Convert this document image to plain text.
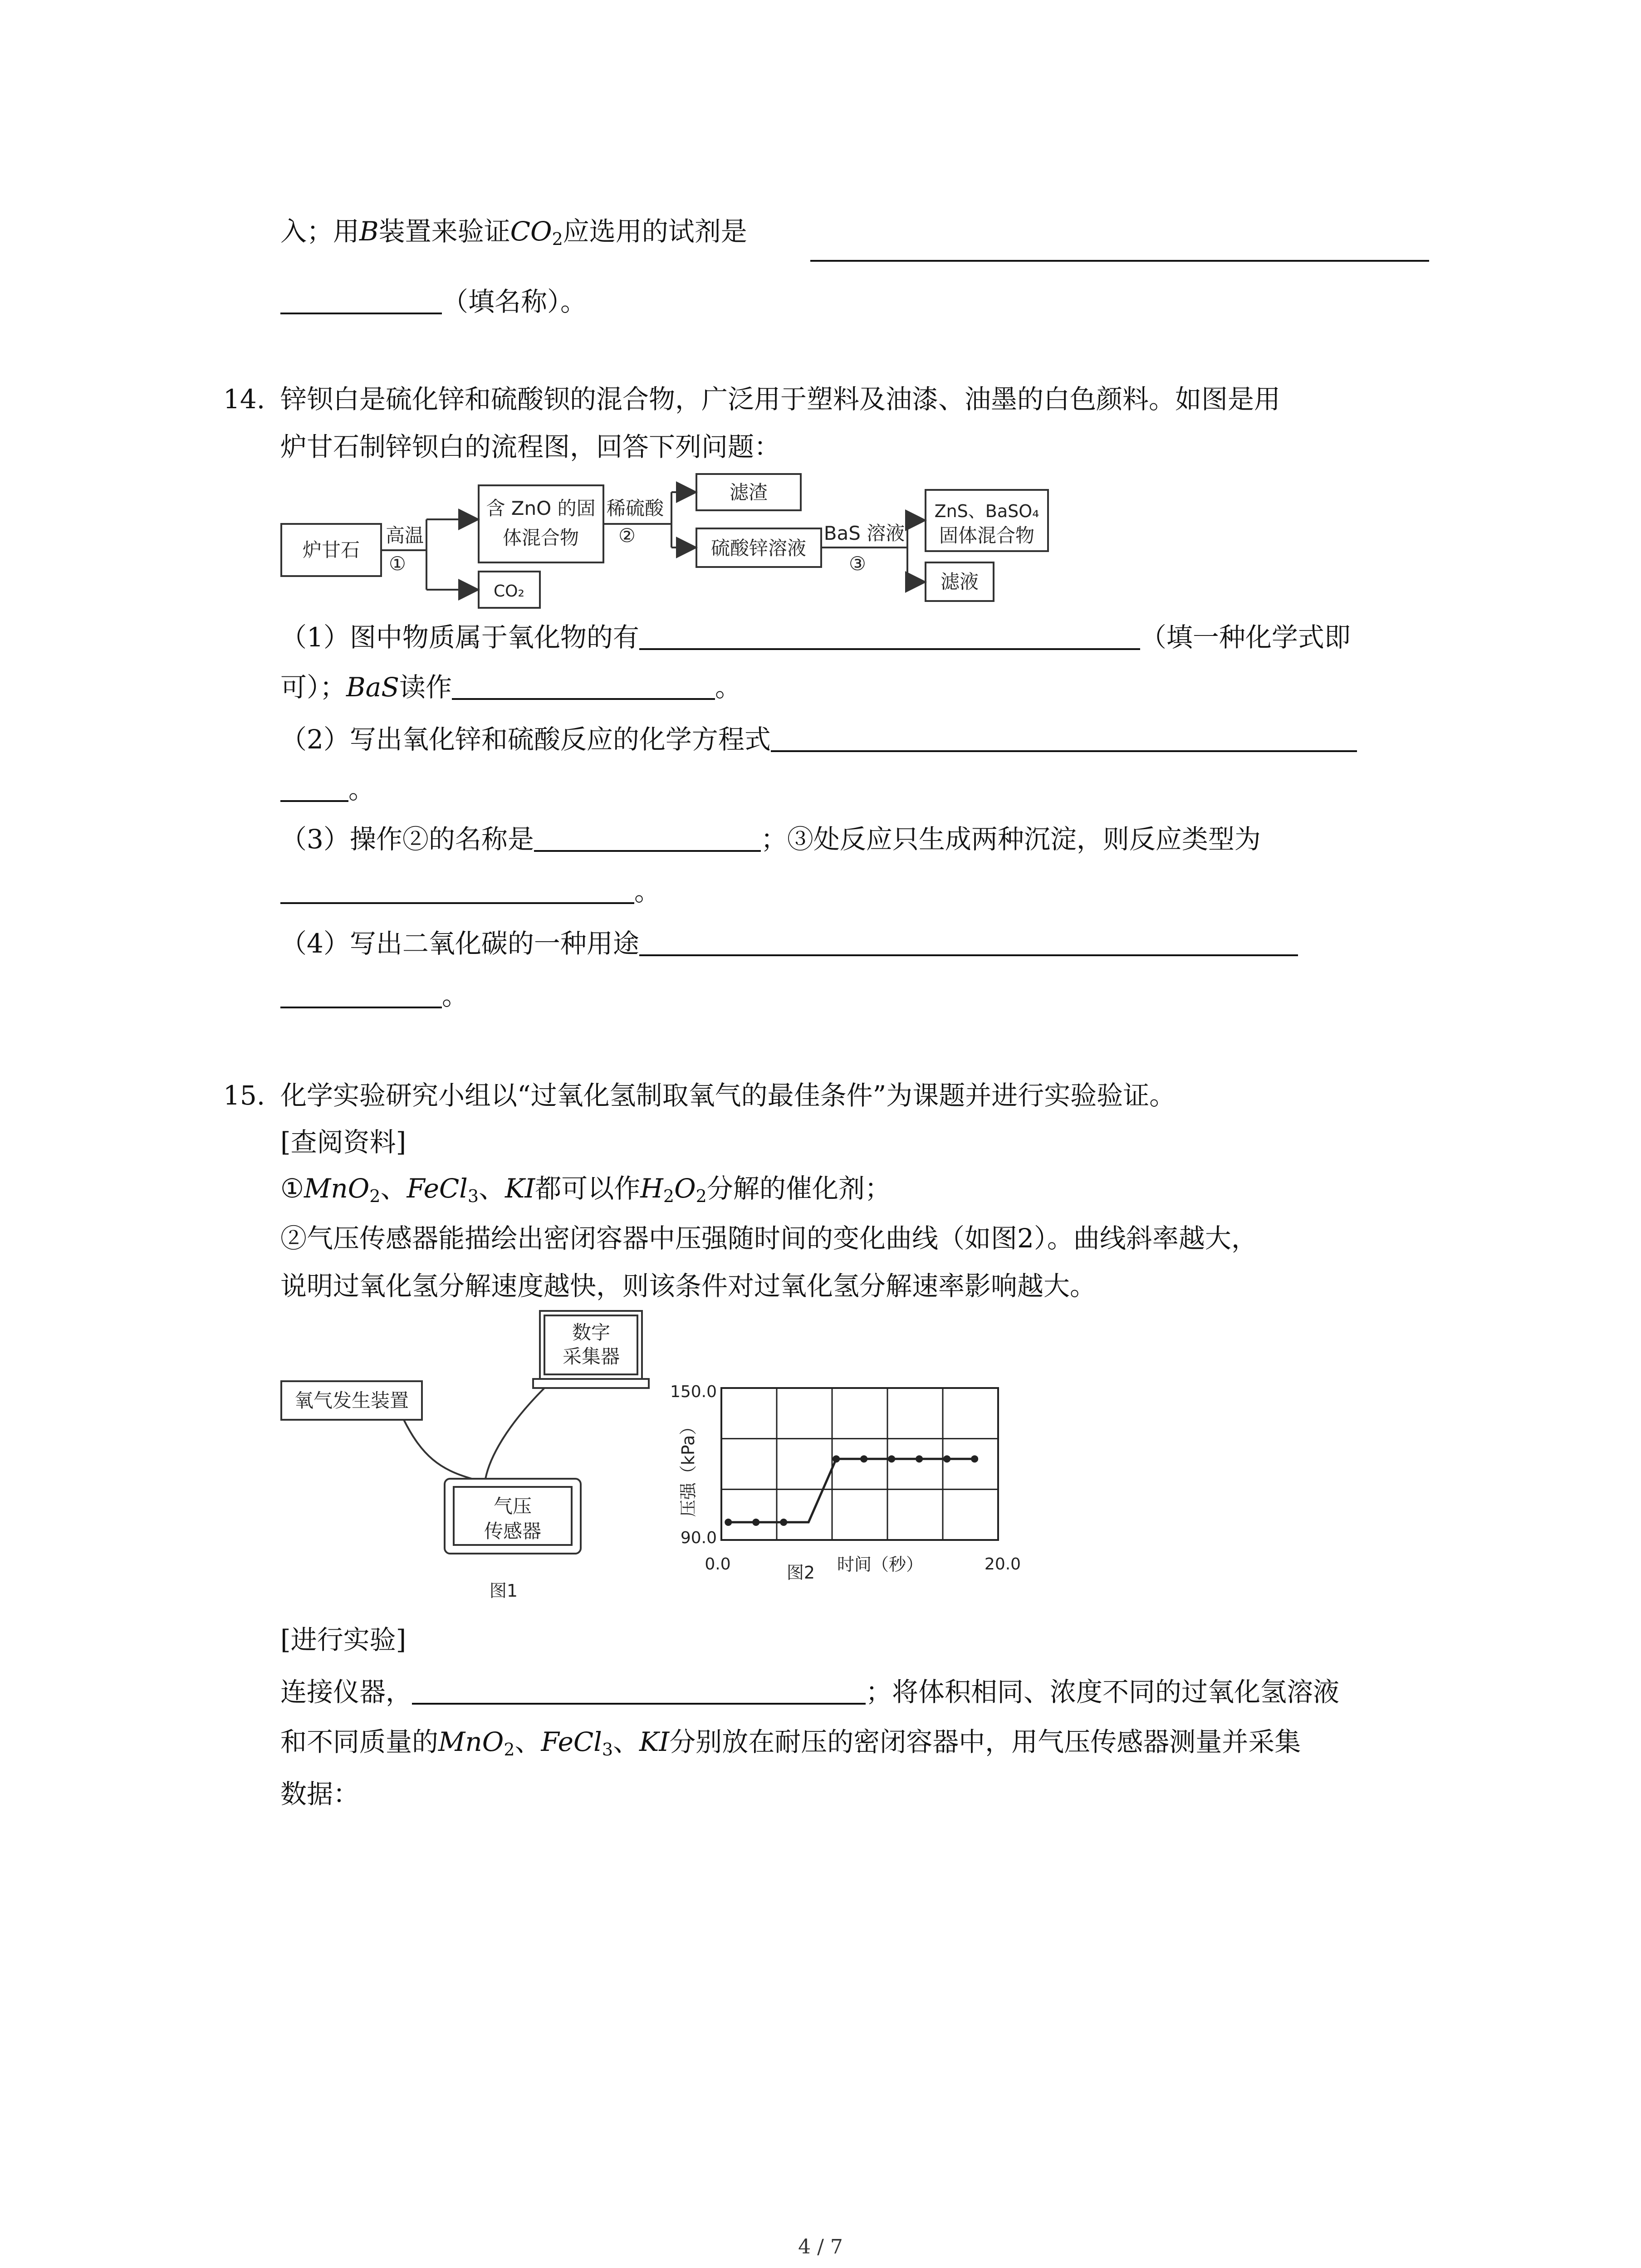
入；用B装置来验证$CO_2$应选用的试剂是
（填名称）。
14. 锌钡白是硫化锌和硫酸钡的混合物，广泛用于塑料及油漆、油墨的白色颜料。如图是用
炉甘石制锌钡白的流程图，回答下列问题：
炉甘石
高温
①
含 ZnO 的固
体混合物
CO₂
稀硫酸
②
滤渣
硫酸锌溶液
BaS 溶液
③
ZnS、BaSO₄
固体混合物
滤液
（1）图中物质属于氧化物的有	（填一种化学式即
可）；BaS读作	。
（2）写出氧化锌和硫酸反应的化学方程式
。
（3）操作②的名称是	；③处反应只生成两种沉淀，则反应类型为
。
（4）写出二氧化碳的一种用途
。
15. 化学实验研究小组以“过氧化氢制取氧气的最佳条件”为课题并进行实验验证。
[查阅资料]
①MnO$_2$、FeCl$_3$、KI都可以作$H_2O_2$分解的催化剂；
②气压传感器能描绘出密闭容器中压强随时间的变化曲线（如图2）。曲线斜率越大，
说明过氧化氢分解速度越快，则该条件对过氧化氢分解速率影响越大。
氧气发生装置
数字
采集器
气压
传感器
图1
150.0
90.0
0.0	20.0
时间（秒）
图2
压强（kPa）
[进行实验]
连接仪器，	；将体积相同、浓度不同的过氧化氢溶液
和不同质量的MnO$_2$、FeCl$_3$、KI分别放在耐压的密闭容器中，用气压传感器测量并采集
数据：
4 / 7
